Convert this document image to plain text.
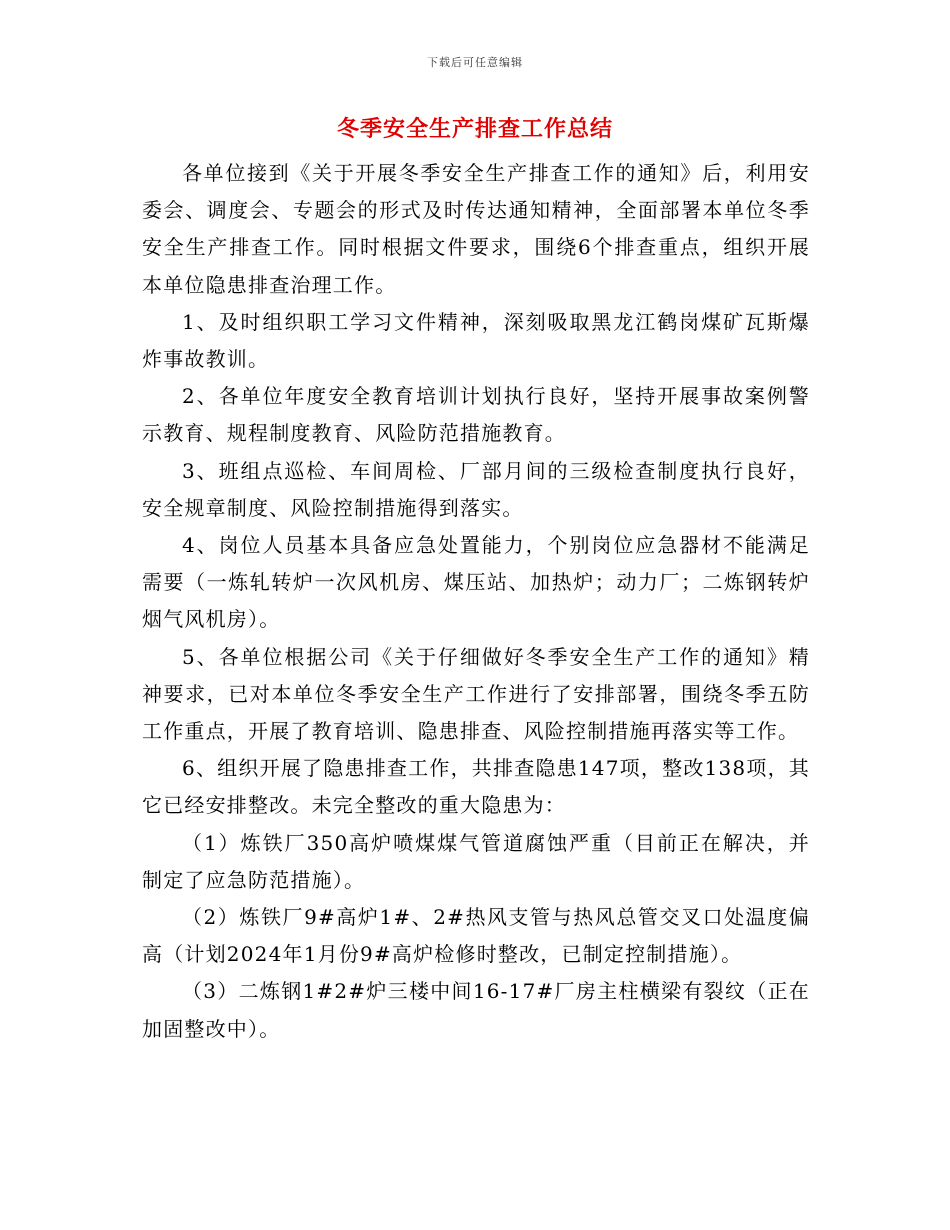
下载后可任意编辑
冬季安全生产排查工作总结

各单位接到《关于开展冬季安全生产排查工作的通知》后，利用安委会、调度会、专题会的形式及时传达通知精神，全面部署本单位冬季安全生产排查工作。同时根据文件要求，围绕6个排查重点，组织开展本单位隐患排查治理工作。

1、及时组织职工学习文件精神，深刻吸取黑龙江鹤岗煤矿瓦斯爆炸事故教训。

2、各单位年度安全教育培训计划执行良好，坚持开展事故案例警示教育、规程制度教育、风险防范措施教育。

3、班组点巡检、车间周检、厂部月间的三级检查制度执行良好，安全规章制度、风险控制措施得到落实。

4、岗位人员基本具备应急处置能力，个别岗位应急器材不能满足需要（一炼轧转炉一次风机房、煤压站、加热炉；动力厂；二炼钢转炉烟气风机房）。

5、各单位根据公司《关于仔细做好冬季安全生产工作的通知》精神要求，已对本单位冬季安全生产工作进行了安排部署，围绕冬季五防工作重点，开展了教育培训、隐患排查、风险控制措施再落实等工作。

6、组织开展了隐患排查工作，共排查隐患147项，整改138项，其它已经安排整改。未完全整改的重大隐患为：

（1）炼铁厂350高炉喷煤煤气管道腐蚀严重（目前正在解决，并制定了应急防范措施）。

（2）炼铁厂9#高炉1#、2#热风支管与热风总管交叉口处温度偏高（计划2024年1月份9#高炉检修时整改，已制定控制措施）。

（3）二炼钢1#2#炉三楼中间16-17#厂房主柱横梁有裂纹（正在加固整改中）。
